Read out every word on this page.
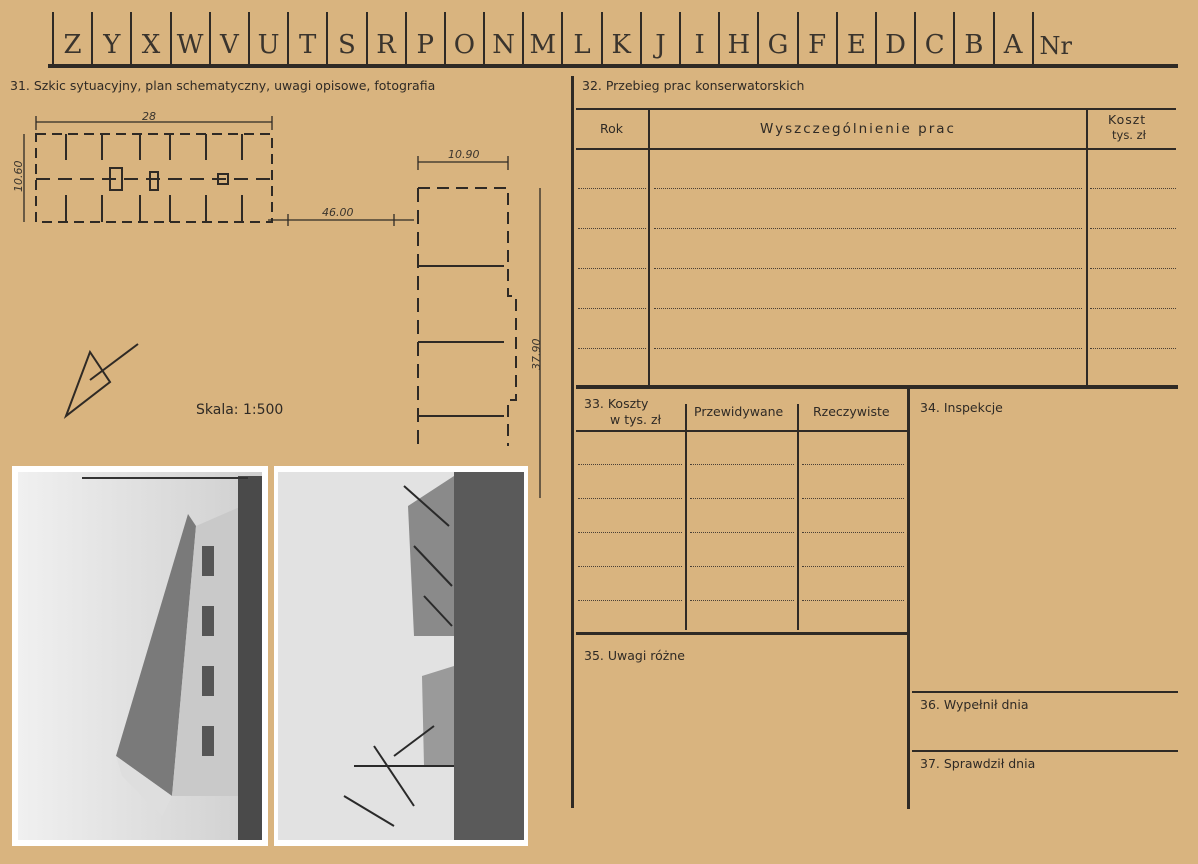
Z Y X W V U T S R P O N M L K J	I H G F E D C B A Nr
31. Szkic sytuacyjny, plan schematyczny, uwagi opisowe, fotografia
28
10.60
46.00
10.90
37.90
Skala: 1:500
32. Przebieg prac konserwatorskich
Rok	Wyszczególnienie prac
Koszt
tys. zł
33. Koszty
w tys. zł
Przewidywane Rzeczywiste 34. Inspekcje
35. Uwagi różne
36. Wypełnił dnia
37. Sprawdził dnia
